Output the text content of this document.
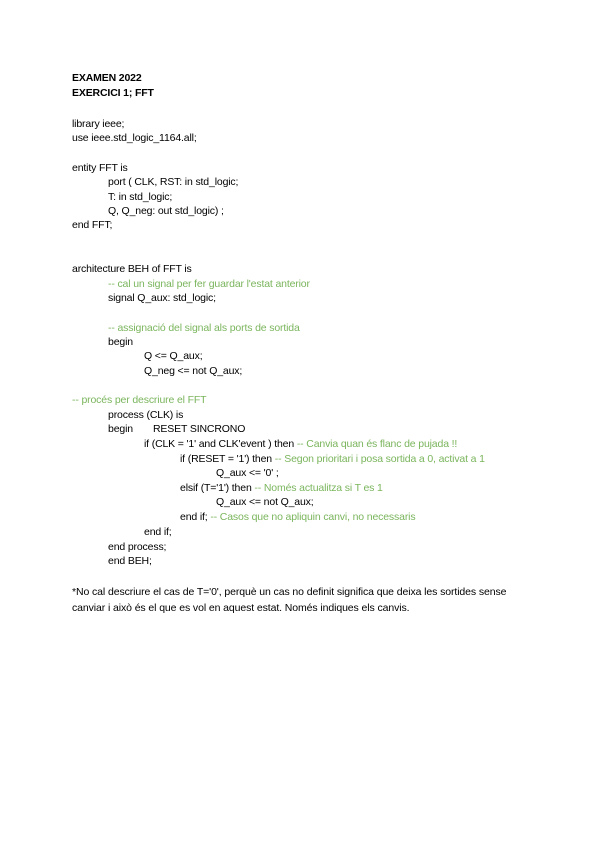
EXAMEN 2022
EXERCICI 1; FFT
library ieee;
use ieee.std_logic_1164.all;
entity FFT is
port ( CLK, RST: in std_logic;
T: in std_logic;
Q, Q_neg: out std_logic) ;
end FFT;
architecture BEH of FFT is
-- cal un signal per fer guardar l'estat anterior
signal Q_aux: std_logic;
-- assignació del signal als ports de sortida
begin
Q <= Q_aux;
Q_neg <= not Q_aux;
-- procés per descriure el FFT
process (CLK) is
begin RESET SINCRONO
if (CLK = '1' and CLK'event ) then -- Canvia quan és flanc de pujada !!
if (RESET = '1') then -- Segon prioritari i posa sortida a 0, activat a 1
Q_aux <= '0' ;
elsif (T='1') then -- Només actualitza si T es 1
Q_aux <= not Q_aux;
end if; -- Casos que no apliquin canvi, no necessaris
end if;
end process;
end BEH;
*No cal descriure el cas de T='0', perquè un cas no definit significa que deixa les sortides sense canviar i això és el que es vol en aquest estat. Només indiques els canvis.
